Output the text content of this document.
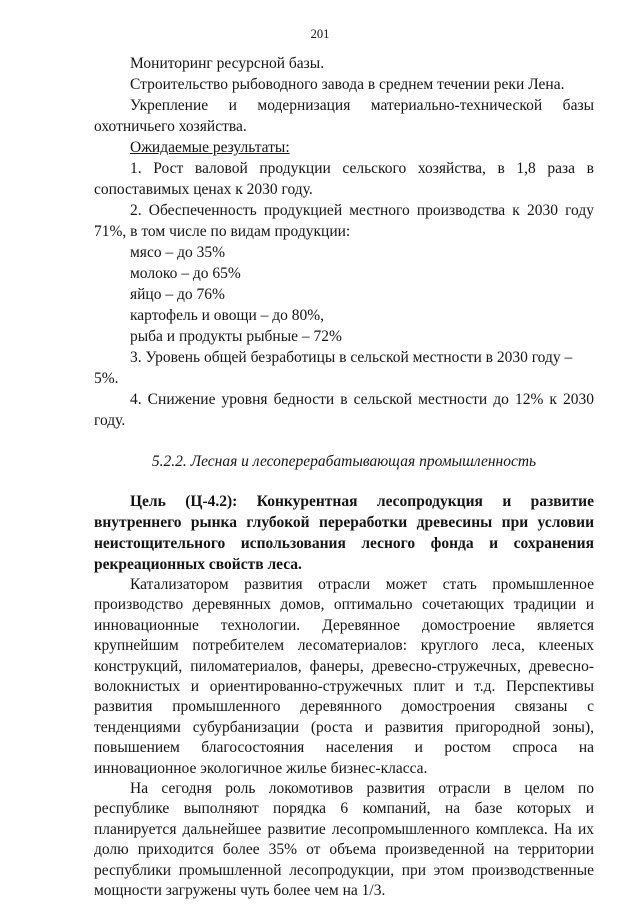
201

Мониторинг ресурсной базы.

Строительство рыбоводного завода в среднем течении реки Лена.

Укрепление и модернизация материально-технической базы охотничьего хозяйства.

Ожидаемые результаты:

1. Рост валовой продукции сельского хозяйства, в 1,8 раза в сопоставимых ценах к 2030 году.

2. Обеспеченность продукцией местного производства к 2030 году 71%, в том числе по видам продукции:

мясо – до 35%

молоко – до 65%

яйцо – до 76%

картофель и овощи – до 80%,

рыба и продукты рыбные – 72%

3. Уровень общей безработицы в сельской местности в 2030 году – 5%.

4. Снижение уровня бедности в сельской местности до 12% к 2030 году.

5.2.2. Лесная и лесоперерабатывающая промышленность

Цель (Ц-4.2): Конкурентная лесопродукция и развитие внутреннего рынка глубокой переработки древесины при условии неистощительного использования лесного фонда и сохранения рекреационных свойств леса.

Катализатором развития отрасли может стать промышленное производство деревянных домов, оптимально сочетающих традиции и инновационные технологии. Деревянное домостроение является крупнейшим потребителем лесоматериалов: круглого леса, клееных конструкций, пиломатериалов, фанеры, древесно-стружечных, древесно-волокнистых и ориентированно-стружечных плит и т.д. Перспективы развития промышленного деревянного домостроения связаны с тенденциями субурбанизации (роста и развития пригородной зоны), повышением благосостояния населения и ростом спроса на инновационное экологичное жилье бизнес-класса.

На сегодня роль локомотивов развития отрасли в целом по республике выполняют порядка 6 компаний, на базе которых и планируется дальнейшее развитие лесопромышленного комплекса. На их долю приходится более 35% от объема произведенной на территории республики промышленной лесопродукции, при этом производственные мощности загружены чуть более чем на 1/3.
